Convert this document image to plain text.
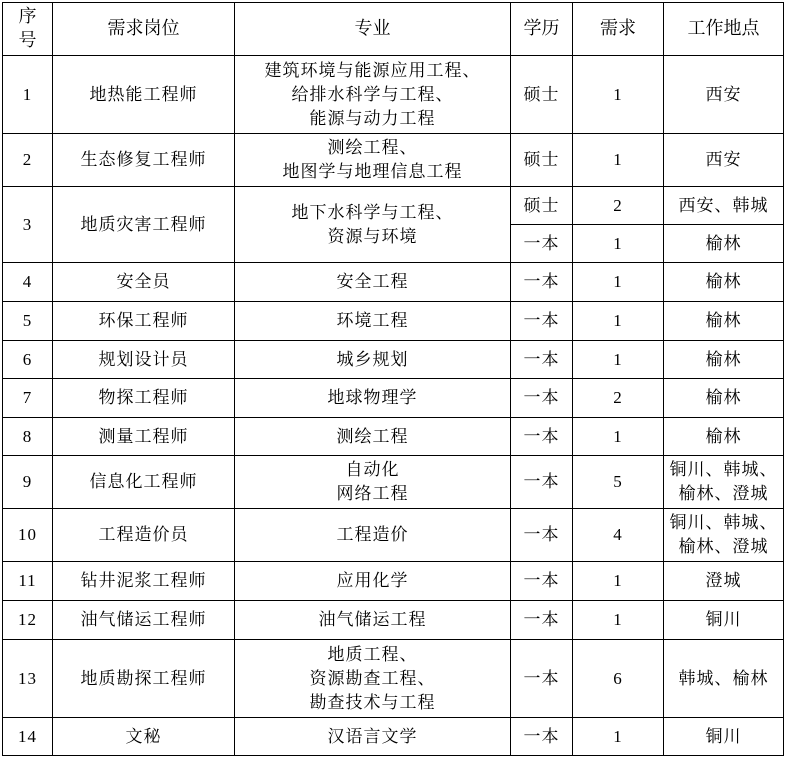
序
号	需求岗位	专业	学历	需求	工作地点
1	地热能工程师	建筑环境与能源应用工程、
给排水科学与工程、
能源与动力工程	硕士	1	西安

2	生态修复工程师	测绘工程、
地图学与地理信息工程	硕士	1	西安

3	地质灾害工程师	地下水科学与工程、
资源与环境	硕士	2	西安、韩城

			一本	1	榆林

4	安全员	安全工程	一本	1	榆林

5	环保工程师	环境工程	一本	1	榆林

6	规划设计员	城乡规划	一本	1	榆林

7	物探工程师	地球物理学	一本	2	榆林

8	测量工程师	测绘工程	一本	1	榆林

9	信息化工程师	自动化
网络工程	一本	5	铜川、韩城、
榆林、澄城

10	工程造价员	工程造价	一本	4	铜川、韩城、
榆林、澄城

11	钻井泥浆工程师	应用化学	一本	1	澄城

12	油气储运工程师	油气储运工程	一本	1	铜川

13	地质勘探工程师	地质工程、
资源勘查工程、
勘查技术与工程	一本	6	韩城、榆林

14	文秘	汉语言文学	一本	1	铜川
